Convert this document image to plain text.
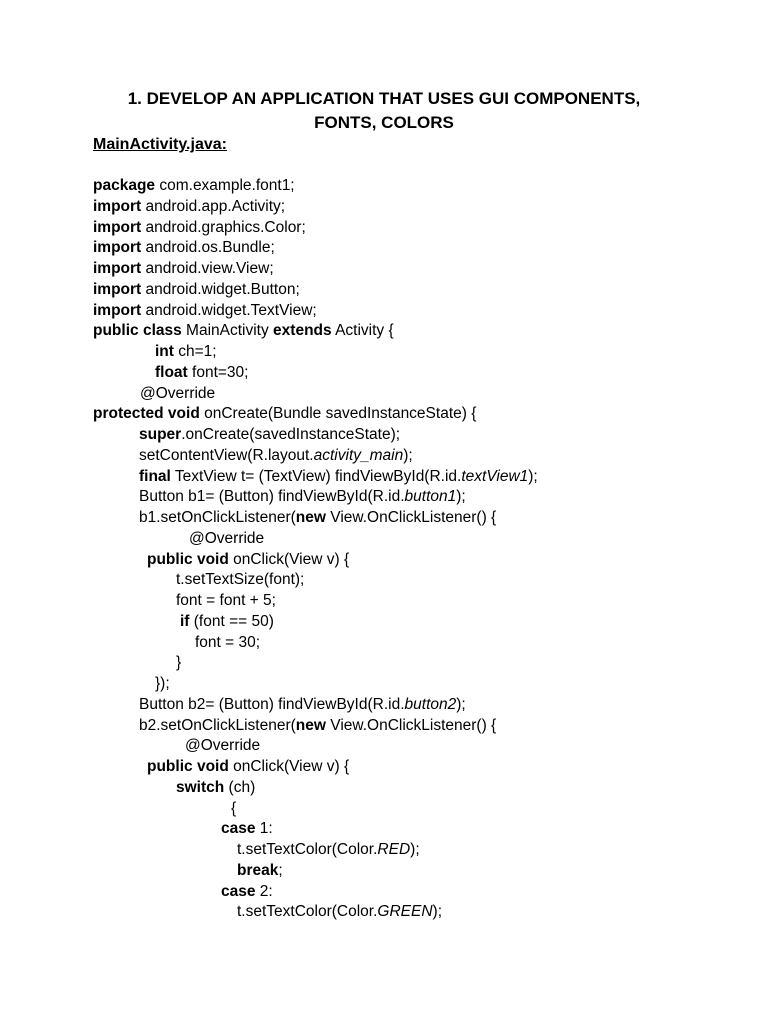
1. DEVELOP AN APPLICATION THAT USES GUI COMPONENTS,
FONTS, COLORS
MainActivity.java:
package com.example.font1;
import android.app.Activity;
import android.graphics.Color;
import android.os.Bundle;
import android.view.View;
import android.widget.Button;
import android.widget.TextView;
public class MainActivity extends Activity {
int ch=1;
float font=30;
@Override
protected void onCreate(Bundle savedInstanceState) {
super.onCreate(savedInstanceState);
setContentView(R.layout.activity_main);
final TextView t= (TextView) findViewById(R.id.textView1);
Button b1= (Button) findViewById(R.id.button1);
b1.setOnClickListener(new View.OnClickListener() {
@Override
public void onClick(View v) {
t.setTextSize(font);
font = font + 5;
if (font == 50)
font = 30;
}
});
Button b2= (Button) findViewById(R.id.button2);
b2.setOnClickListener(new View.OnClickListener() {
@Override
public void onClick(View v) {
switch (ch)
{
case 1:
t.setTextColor(Color.RED);
break;
case 2:
t.setTextColor(Color.GREEN);
